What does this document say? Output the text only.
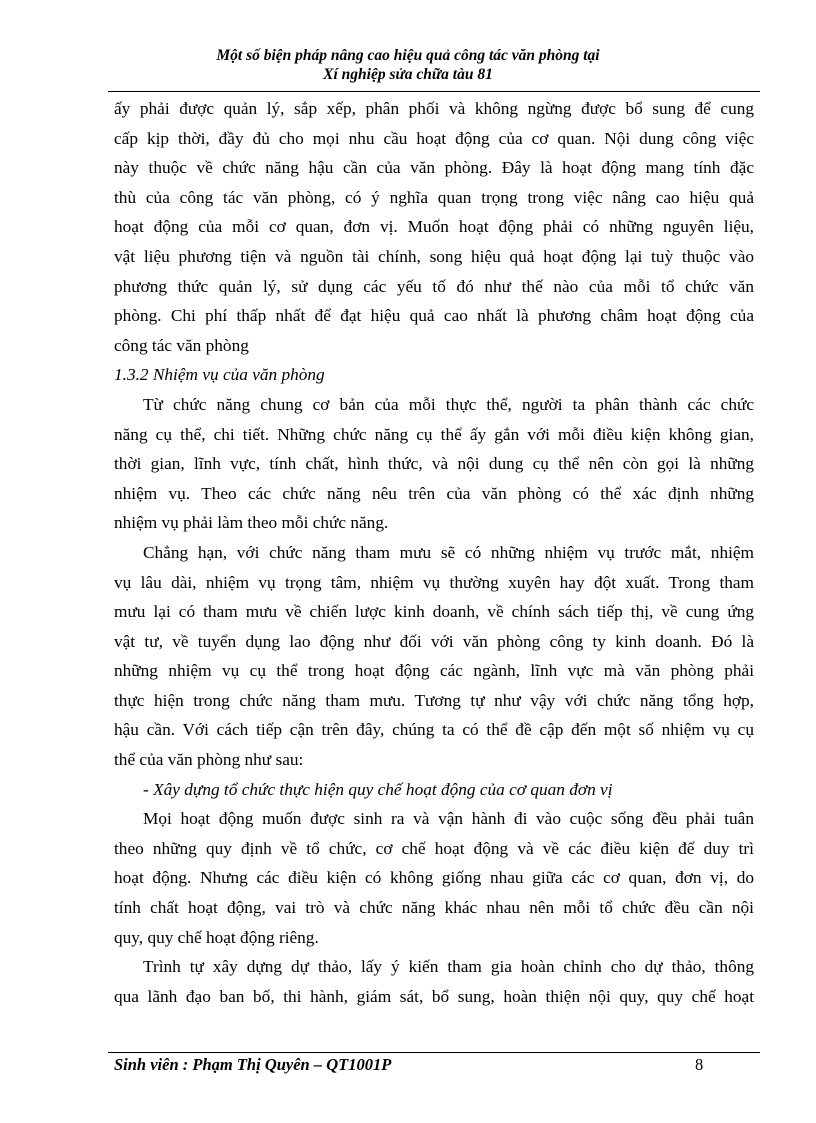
Một số biện pháp nâng cao hiệu quả công tác văn phòng tại
Xí nghiệp sửa chữa tàu 81

ấy phải được quản lý, sắp xếp, phân phối và không ngừng được bổ sung để cung

cấp kịp thời, đầy đủ cho mọi nhu cầu hoạt động của cơ quan. Nội dung công việc

này thuộc về chức năng hậu cần của văn phòng. Đây là hoạt động mang tính đặc

thù của công tác văn phòng, có ý nghĩa quan trọng trong việc nâng cao hiệu quả

hoạt động của mỗi cơ quan, đơn vị. Muốn hoạt động phải có những nguyên liệu,

vật liệu phương tiện và nguồn tài chính, song hiệu quả hoạt động lại tuỳ thuộc vào

phương thức quản lý, sử dụng các yếu tố đó như thế nào của mỗi tổ chức văn

phòng. Chi phí thấp nhất để đạt hiệu quả cao nhất là phương châm hoạt động của

công tác văn phòng

1.3.2 Nhiệm vụ của văn phòng

Từ chức năng chung cơ bản của mỗi thực thể, người ta phân thành các chức

năng cụ thể, chi tiết. Những chức năng cụ thể ấy gắn với mỗi điều kiện không gian,

thời gian, lĩnh vực, tính chất, hình thức, và nội dung cụ thể nên còn gọi là những

nhiệm vụ. Theo các chức năng nêu trên của văn phòng có thể xác định những

nhiệm vụ phải làm theo mỗi chức năng.

Chẳng hạn, với chức năng tham mưu sẽ có những nhiệm vụ trước mắt, nhiệm

vụ lâu dài, nhiệm vụ trọng tâm, nhiệm vụ thường xuyên hay đột xuất. Trong tham

mưu lại có tham mưu về chiến lược kinh doanh, về chính sách tiếp thị, về cung ứng

vật tư, về tuyển dụng lao động như đối với văn phòng công ty kinh doanh. Đó là

những nhiệm vụ cụ thể trong hoạt động các ngành, lĩnh vực mà văn phòng phải

thực hiện trong chức năng tham mưu. Tương tự như vậy với chức năng tổng hợp,

hậu cần. Với cách tiếp cận trên đây, chúng ta có thể đề cập đến một số nhiệm vụ cụ

thể của văn phòng như sau:

- Xây dựng tổ chức thực hiện quy chế hoạt động của cơ quan đơn vị

Mọi hoạt động muốn được sinh ra và vận hành đi vào cuộc sống đều phải tuân

theo những quy định về tổ chức, cơ chế hoạt động và về các điều kiện để duy trì

hoạt động. Nhưng các điều kiện có không giống nhau giữa các cơ quan, đơn vị, do

tính chất hoạt động, vai trò và chức năng khác nhau nên mỗi tổ chức đều cần nội

quy, quy chế hoạt động riêng.

Trình tự xây dựng dự thảo, lấy ý kiến tham gia hoàn chỉnh cho dự thảo, thông

qua lãnh đạo ban bố, thi hành, giám sát, bổ sung, hoàn thiện nội quy, quy chế hoạt

Sinh viên : Phạm Thị Quyên – QT1001P	8
